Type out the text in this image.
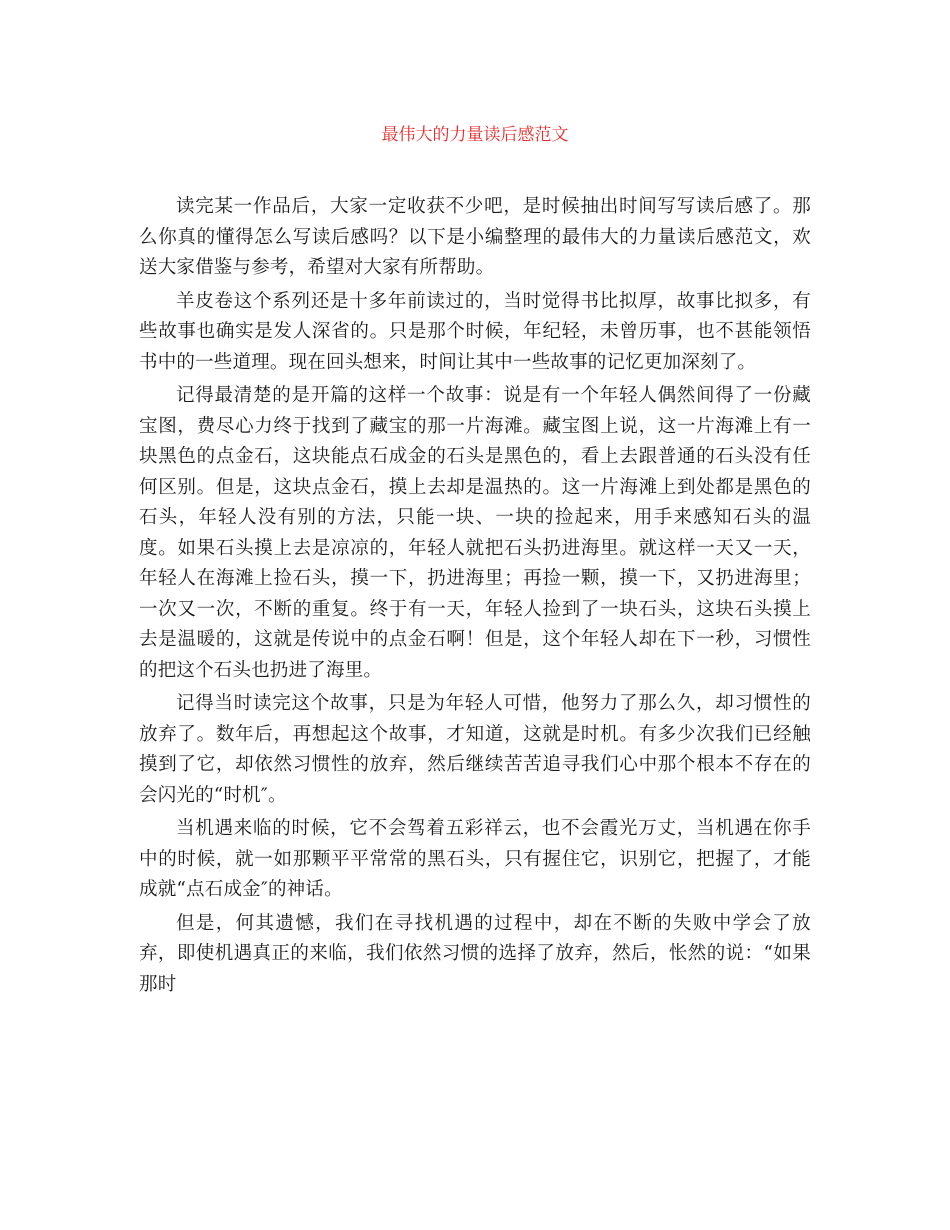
最伟大的力量读后感范文

读完某一作品后，大家一定收获不少吧，是时候抽出时间写写读后感了。那么你真的懂得怎么写读后感吗？以下是小编整理的最伟大的力量读后感范文，欢送大家借鉴与参考，希望对大家有所帮助。

羊皮卷这个系列还是十多年前读过的，当时觉得书比拟厚，故事比拟多，有些故事也确实是发人深省的。只是那个时候，年纪轻，未曾历事，也不甚能领悟书中的一些道理。现在回头想来，时间让其中一些故事的记忆更加深刻了。

记得最清楚的是开篇的这样一个故事：说是有一个年轻人偶然间得了一份藏宝图，费尽心力终于找到了藏宝的那一片海滩。藏宝图上说，这一片海滩上有一块黑色的点金石，这块能点石成金的石头是黑色的，看上去跟普通的石头没有任何区别。但是，这块点金石，摸上去却是温热的。这一片海滩上到处都是黑色的石头，年轻人没有别的方法，只能一块、一块的捡起来，用手来感知石头的温度。如果石头摸上去是凉凉的，年轻人就把石头扔进海里。就这样一天又一天，年轻人在海滩上捡石头，摸一下，扔进海里；再捡一颗，摸一下，又扔进海里；一次又一次，不断的重复。终于有一天，年轻人捡到了一块石头，这块石头摸上去是温暖的，这就是传说中的点金石啊！但是，这个年轻人却在下一秒，习惯性的把这个石头也扔进了海里。

记得当时读完这个故事，只是为年轻人可惜，他努力了那么久，却习惯性的放弃了。数年后，再想起这个故事，才知道，这就是时机。有多少次我们已经触摸到了它，却依然习惯性的放弃，然后继续苦苦追寻我们心中那个根本不存在的会闪光的“时机″。

当机遇来临的时候，它不会驾着五彩祥云，也不会霞光万丈，当机遇在你手中的时候，就一如那颗平平常常的黑石头，只有握住它，识别它，把握了，才能成就“点石成金″的神话。

但是，何其遗憾，我们在寻找机遇的过程中，却在不断的失败中学会了放弃，即使机遇真正的来临，我们依然习惯的选择了放弃，然后，怅然的说：“如果那时
